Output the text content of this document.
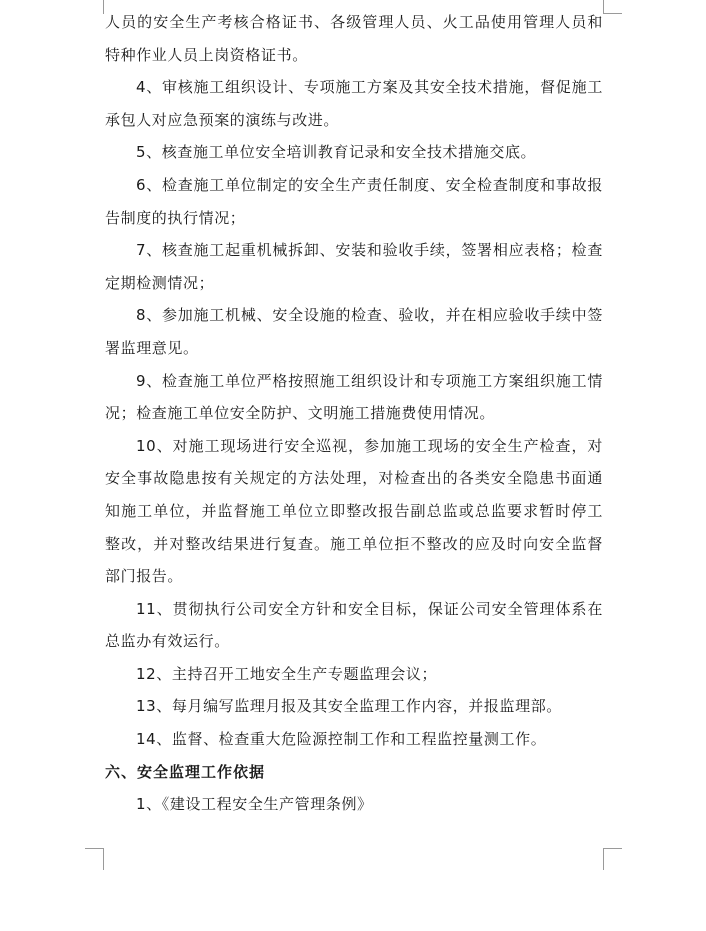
人员的安全生产考核合格证书、各级管理人员、火工品使用管理人员和特种作业人员上岗资格证书。

4、审核施工组织设计、专项施工方案及其安全技术措施，督促施工承包人对应急预案的演练与改进。

5、核查施工单位安全培训教育记录和安全技术措施交底。

6、检查施工单位制定的安全生产责任制度、安全检查制度和事故报告制度的执行情况；

7、核查施工起重机械拆卸、安装和验收手续，签署相应表格；检查定期检测情况；

8、参加施工机械、安全设施的检查、验收，并在相应验收手续中签署监理意见。

9、检查施工单位严格按照施工组织设计和专项施工方案组织施工情况；检查施工单位安全防护、文明施工措施费使用情况。

10、对施工现场进行安全巡视，参加施工现场的安全生产检查，对安全事故隐患按有关规定的方法处理，对检查出的各类安全隐患书面通知施工单位，并监督施工单位立即整改报告副总监或总监要求暂时停工整改，并对整改结果进行复查。施工单位拒不整改的应及时向安全监督部门报告。

11、贯彻执行公司安全方针和安全目标，保证公司安全管理体系在总监办有效运行。

12、主持召开工地安全生产专题监理会议；

13、每月编写监理月报及其安全监理工作内容，并报监理部。

14、监督、检查重大危险源控制工作和工程监控量测工作。

六、安全监理工作依据

1、《建设工程安全生产管理条例》
